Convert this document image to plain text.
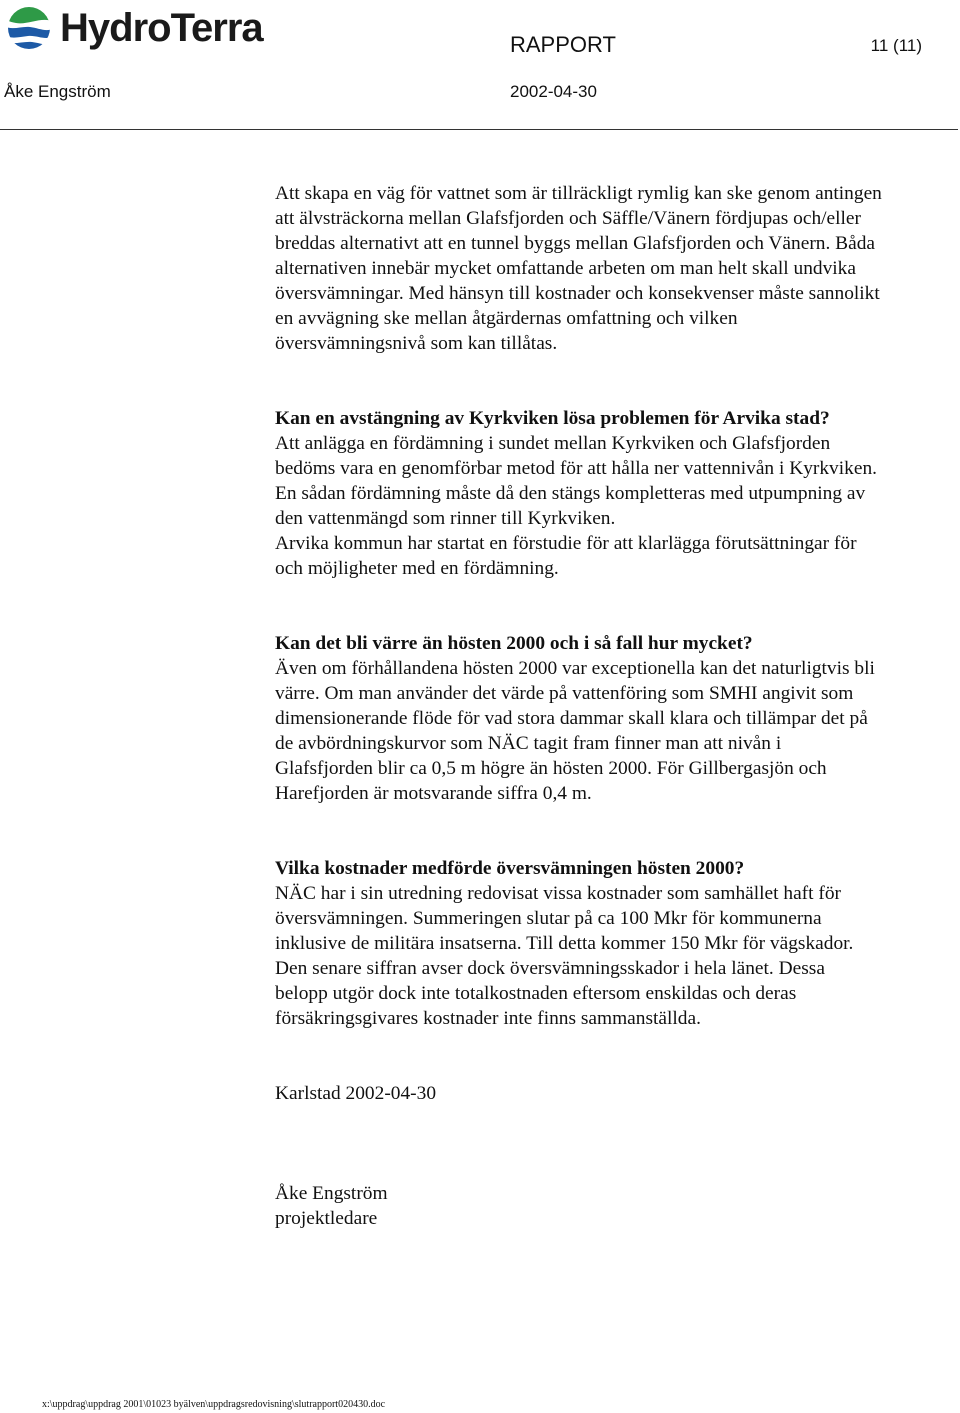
HydroTerra	RAPPORT	11 (11)
Åke Engström	2002-04-30

Att skapa en väg för vattnet som är tillräckligt rymlig kan ske genom antingen

att älvsträckorna mellan Glafsfjorden och Säffle/Vänern fördjupas och/eller

breddas alternativt att en tunnel byggs mellan Glafsfjorden och Vänern. Båda

alternativen innebär mycket omfattande arbeten om man helt skall undvika

översvämningar. Med hänsyn till kostnader och konsekvenser måste sannolikt

en avvägning ske mellan åtgärdernas omfattning och vilken

översvämningsnivå som kan tillåtas.

Kan en avstängning av Kyrkviken lösa problemen för Arvika stad?

Att anlägga en fördämning i sundet mellan Kyrkviken och Glafsfjorden

bedöms vara en genomförbar metod för att hålla ner vattennivån i Kyrkviken.

En sådan fördämning måste då den stängs kompletteras med utpumpning av

den vattenmängd som rinner till Kyrkviken.

Arvika kommun har startat en förstudie för att klarlägga förutsättningar för

och möjligheter med en fördämning.

Kan det bli värre än hösten 2000 och i så fall hur mycket?

Även om förhållandena hösten 2000 var exceptionella kan det naturligtvis bli

värre. Om man använder det värde på vattenföring som SMHI angivit som

dimensionerande flöde för vad stora dammar skall klara och tillämpar det på

de avbördningskurvor som NÄC tagit fram finner man att nivån i

Glafsfjorden blir ca 0,5 m högre än hösten 2000. För Gillbergasjön och

Harefjorden är motsvarande siffra 0,4 m.

Vilka kostnader medförde översvämningen hösten 2000?

NÄC har i sin utredning redovisat vissa kostnader som samhället haft för

översvämningen. Summeringen slutar på ca 100 Mkr för kommunerna

inklusive de militära insatserna. Till detta kommer 150 Mkr för vägskador.

Den senare siffran avser dock översvämningsskador i hela länet. Dessa

belopp utgör dock inte totalkostnaden eftersom enskildas och deras

försäkringsgivares kostnader inte finns sammanställda.

Karlstad 2002-04-30

Åke Engström

projektledare

x:\uppdrag\uppdrag 2001\01023 byälven\uppdragsredovisning\slutrapport020430.doc
